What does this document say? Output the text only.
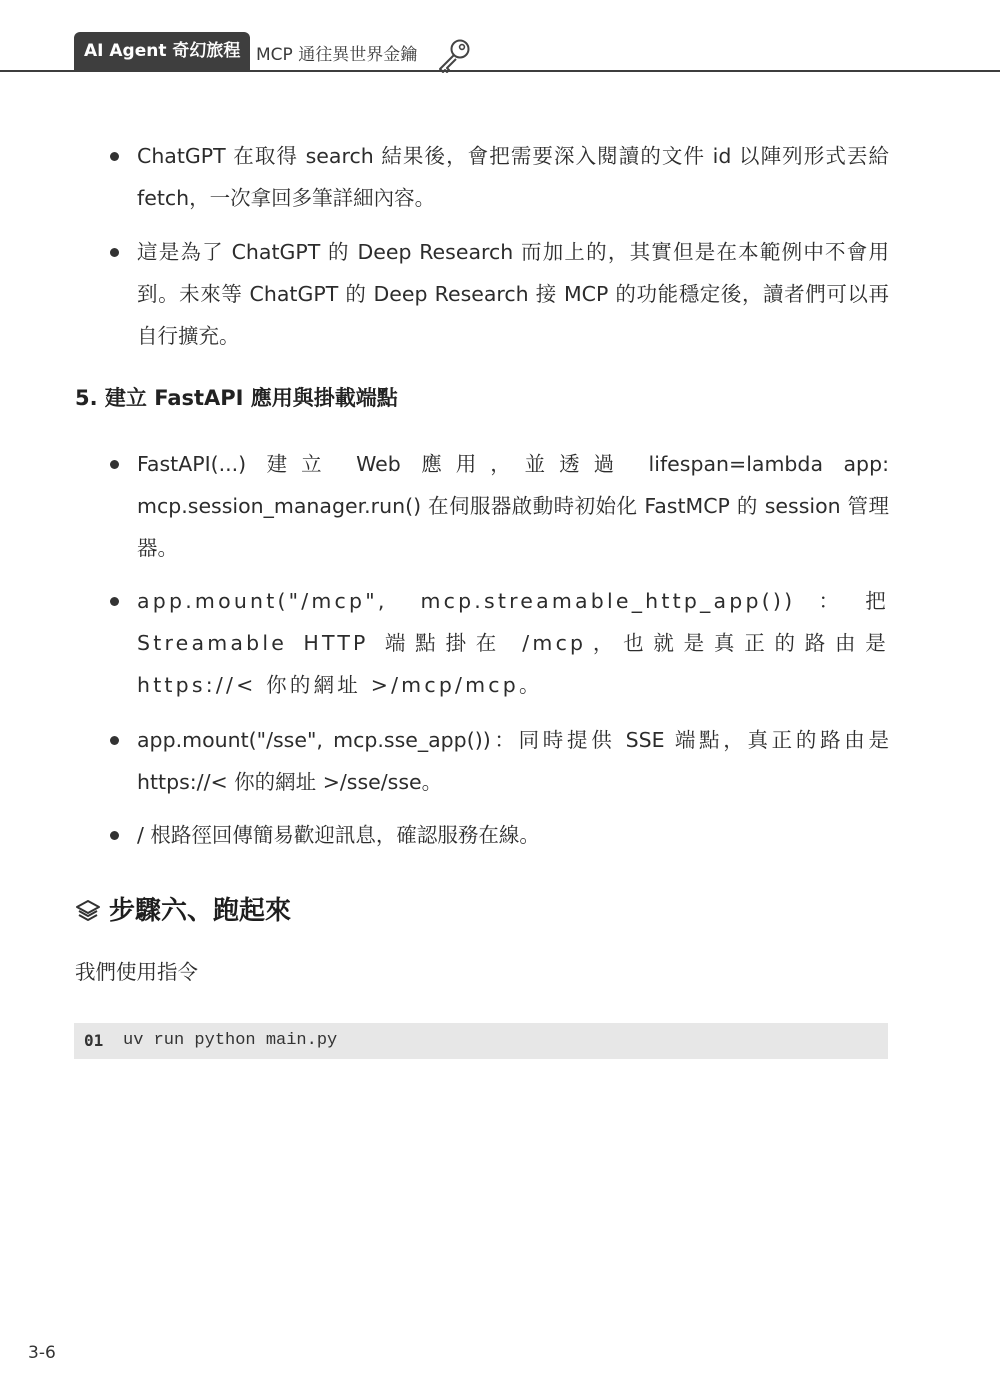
AI Agent 奇幻旅程 MCP 通往異世界金鑰
ChatGPT 在取得 search 結果後，會把需要深入閱讀的文件 id 以陣列形式丟給 fetch，一次拿回多筆詳細內容。
這是為了 ChatGPT 的 Deep Research 而加上的，其實但是在本範例中不會用到。未來等 ChatGPT 的 Deep Research 接 MCP 的功能穩定後，讀者們可以再自行擴充。
5. 建立 FastAPI 應用與掛載端點
FastAPI(...) 建立 Web 應用，並透過 lifespan=lambda app: mcp.session_manager.run() 在伺服器啟動時初始化 FastMCP 的 session 管理器。
app.mount("/mcp", mcp.streamable_http_app())：把 Streamable HTTP 端點掛在 /mcp，也就是真正的路由是 https://< 你的網址 >/mcp/mcp。
app.mount("/sse", mcp.sse_app())：同時提供 SSE 端點，真正的路由是 https://< 你的網址 >/sse/sse。
/ 根路徑回傳簡易歡迎訊息，確認服務在線。
步驟六、跑起來
我們使用指令
01 uv run python main.py
3-6
